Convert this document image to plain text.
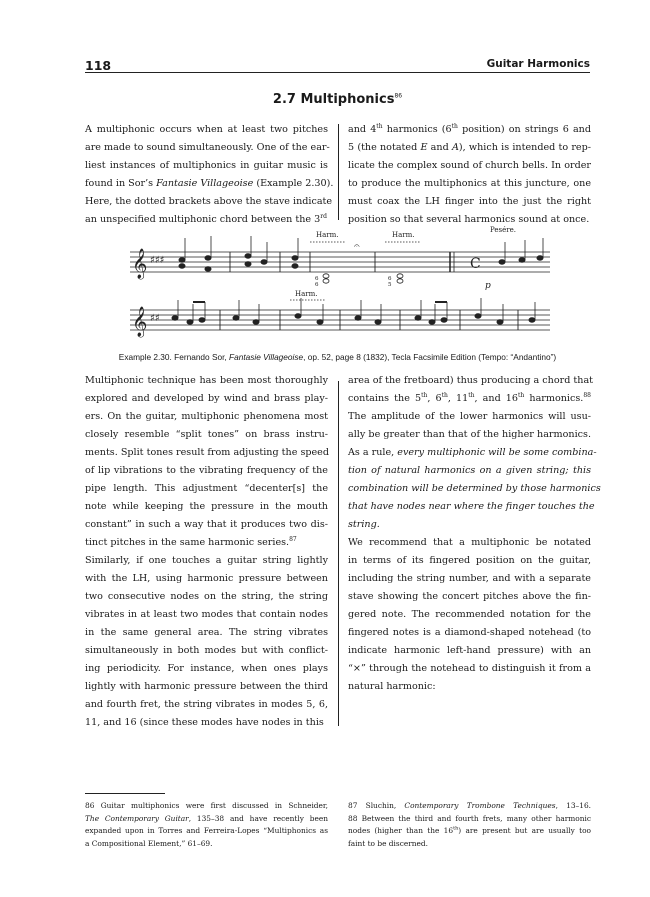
118	Guitar Harmonics
2.7 Multiphonics$^{86}$
A multiphonic occurs when at least two pitches
are made to sound simultaneously. One of the ear-
liest instances of multiphonics in guitar music is
found in Sor’s Fantasie Villageoise (Example 2.30).
Here, the dotted brackets above the stave indicate
an unspecified multiphonic chord between the 3rd
and 4th harmonics (6th position) on strings 6 and
5 (the notated E and A), which is intended to rep-
licate the complex sound of church bells. In order
to produce the multiphonics at this juncture, one
must coax the LH finger into the just the right
position so that several harmonics sound at once.
𝄞
𝄞
♯♯♯
♯♯
C
Harm.	Harm.
Pesére.
p
𝄐
6
6
6
5
Harm.
Example 2.30. Fernando Sor, Fantasie Villageoise, op. 52, page 8 (1832), Tecla Facsimile Edition (Tempo: “Andantino”)
Multiphonic technique has been most thoroughly
explored and developed by wind and brass play-
ers. On the guitar, multiphonic phenomena most
closely resemble “split tones” on brass instru-
ments. Split tones result from adjusting the speed
of lip vibrations to the vibrating frequency of the
pipe length. This adjustment “decenter[s] the
note while keeping the pressure in the mouth
constant” in such a way that it produces two dis-
tinct pitches in the same harmonic series.$^{87}$
Similarly, if one touches a guitar string lightly
with the LH, using harmonic pressure between
two consecutive nodes on the string, the string
vibrates in at least two modes that contain nodes
in the same general area. The string vibrates
simultaneously in both modes but with conflict-
ing periodicity. For instance, when ones plays
lightly with harmonic pressure between the third
and fourth fret, the string vibrates in modes 5, 6,
11, and 16 (since these modes have nodes in this
area of the fretboard) thus producing a chord that
contains the 5th, 6th, 11th, and 16th harmonics.$^{88}$
The amplitude of the lower harmonics will usu-
ally be greater than that of the higher harmonics.
As a rule, every multiphonic will be some combina-
tion of natural harmonics on a given string; this
combination will be determined by those harmonics
that have nodes near where the finger touches the
string.
We recommend that a multiphonic be notated
in terms of its fingered position on the guitar,
including the string number, and with a separate
stave showing the concert pitches above the fin-
gered note. The recommended notation for the
fingered notes is a diamond-shaped notehead (to
indicate harmonic left-hand pressure) with an
“×” through the notehead to distinguish it from a
natural harmonic:
86 Guitar multiphonics were first discussed in Schneider,
The Contemporary Guitar, 135–38 and have recently been
expanded upon in Torres and Ferreira-Lopes “Multiphonics as
a Compositional Element,” 61–69.
87 Sluchin, Contemporary Trombone Techniques, 13–16.
88 Between the third and fourth frets, many other harmonic
nodes (higher than the 16th) are present but are usually too
faint to be discerned.
